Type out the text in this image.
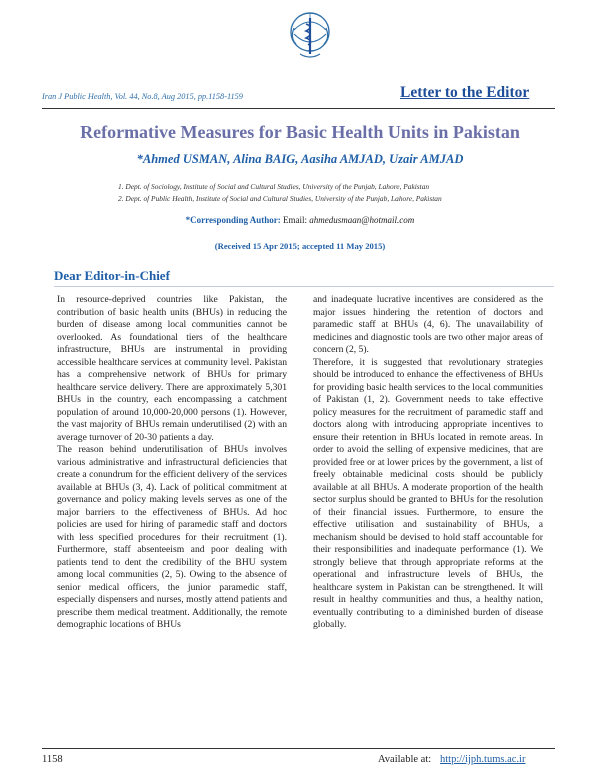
Iran J Public Health, Vol. 44, No.8, Aug 2015, pp.1158-1159	Letter to the Editor
Reformative Measures for Basic Health Units in Pakistan
*Ahmed USMAN, Alina BAIG, Aasiha AMJAD, Uzair AMJAD
1. Dept. of Sociology, Institute of Social and Cultural Studies, University of the Punjab, Lahore, Pakistan
2. Dept. of Public Health, Institute of Social and Cultural Studies, University of the Punjab, Lahore, Pakistan
*Corresponding Author: Email: ahmedusmaan@hotmail.com
(Received 15 Apr 2015; accepted 11 May 2015)
Dear Editor-in-Chief

In resource-deprived countries like Pakistan, the contribution of basic health units (BHUs) in reducing the burden of disease among local communities cannot be overlooked. As foundational tiers of the healthcare infrastructure, BHUs are instrumental in providing accessible healthcare services at community level. Pakistan has a comprehensive network of BHUs for primary healthcare service delivery. There are approximately 5,301 BHUs in the country, each encompassing a catchment population of around 10,000-20,000 persons (1). However, the vast majority of BHUs remain underutilised (2) with an average turnover of 20-30 patients a day.

The reason behind underutilisation of BHUs involves various administrative and infrastructural deficiencies that create a conundrum for the efficient delivery of the services available at BHUs (3, 4). Lack of political commitment at governance and policy making levels serves as one of the major barriers to the effectiveness of BHUs. Ad hoc policies are used for hiring of paramedic staff and doctors with less specified procedures for their recruitment (1). Furthermore, staff absenteeism and poor dealing with patients tend to dent the credibility of the BHU system among local communities (2, 5). Owing to the absence of senior medical officers, the junior paramedic staff, especially dispensers and nurses, mostly attend patients and prescribe them medical treatment. Additionally, the remote demographic locations of BHUs

and inadequate lucrative incentives are considered as the major issues hindering the retention of doctors and paramedic staff at BHUs (4, 6). The unavailability of medicines and diagnostic tools are two other major areas of concern (2, 5).

Therefore, it is suggested that revolutionary strategies should be introduced to enhance the effectiveness of BHUs for providing basic health services to the local communities of Pakistan (1, 2). Government needs to take effective policy measures for the recruitment of paramedic staff and doctors along with introducing appropriate incentives to ensure their retention in BHUs located in remote areas. In order to avoid the selling of expensive medicines, that are provided free or at lower prices by the government, a list of freely obtainable medicinal costs should be publicly available at all BHUs. A moderate proportion of the health sector surplus should be granted to BHUs for the resolution of their financial issues. Furthermore, to ensure the effective utilisation and sustainability of BHUs, a mechanism should be devised to hold staff accountable for their responsibilities and inadequate performance (1). We strongly believe that through appropriate reforms at the operational and infrastructure levels of BHUs, the healthcare system in Pakistan can be strengthened. It will result in healthy communities and thus, a healthy nation, eventually contributing to a diminished burden of disease globally.

1158	Available at: http://ijph.tums.ac.ir
